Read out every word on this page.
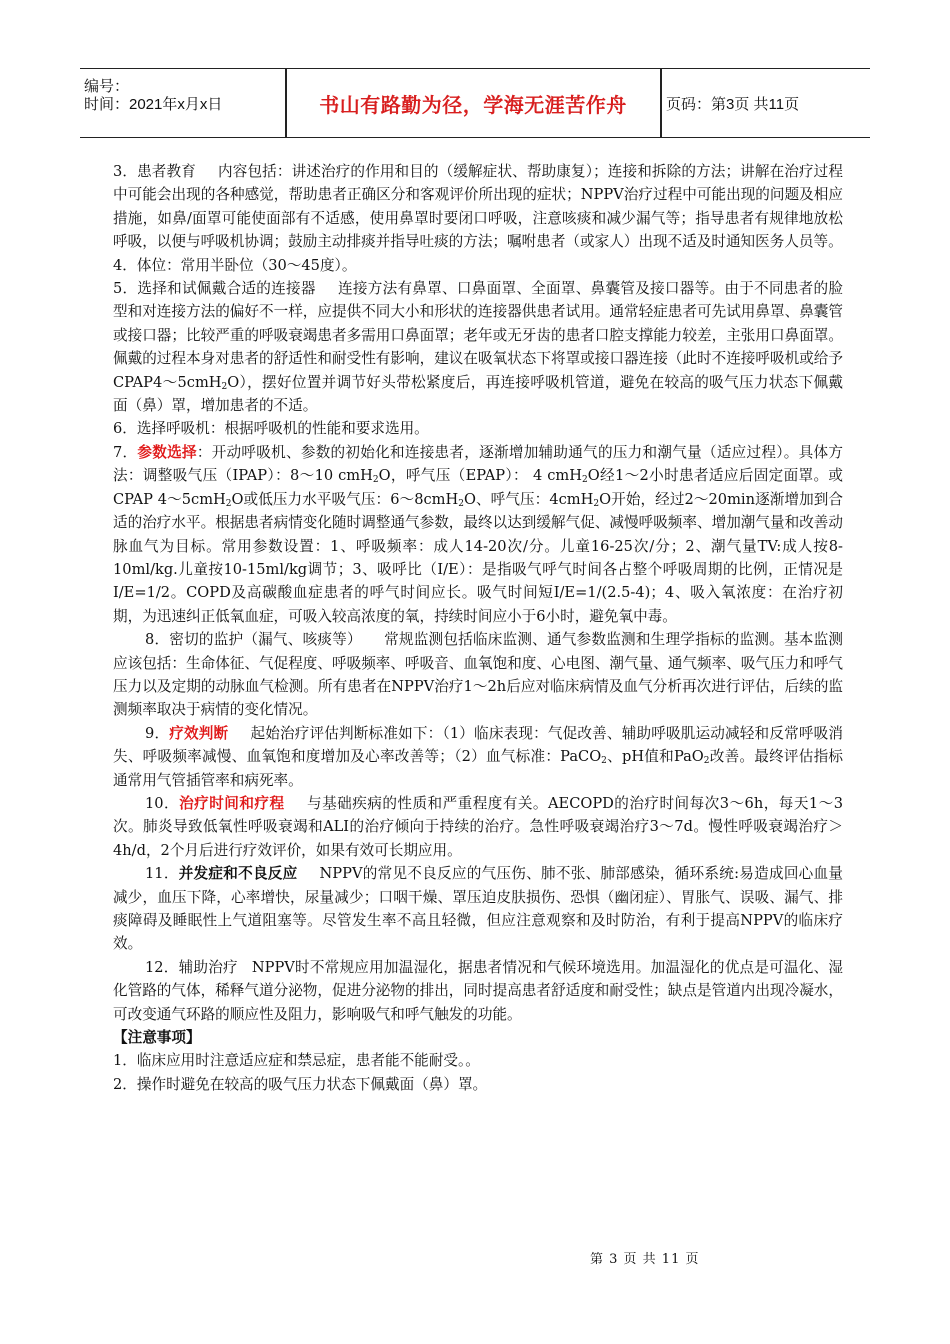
编号：
时间：2021年x月x日	书山有路勤为径，学海无涯苦作舟	页码：第3页 共11页

3．患者教育 内容包括：讲述治疗的作用和目的（缓解症状、帮助康复）；连接和拆除的方法；讲解在治疗过程中可能会出现的各种感觉，帮助患者正确区分和客观评价所出现的症状；NPPV治疗过程中可能出现的问题及相应措施，如鼻/面罩可能使面部有不适感，使用鼻罩时要闭口呼吸，注意咳痰和减少漏气等；指导患者有规律地放松呼吸，以便与呼吸机协调；鼓励主动排痰并指导吐痰的方法；嘱咐患者（或家人）出现不适及时通知医务人员等。

4．体位：常用半卧位（30～45度）。

5．选择和试佩戴合适的连接器 连接方法有鼻罩、口鼻面罩、全面罩、鼻囊管及接口器等。由于不同患者的脸型和对连接方法的偏好不一样，应提供不同大小和形状的连接器供患者试用。通常轻症患者可先试用鼻罩、鼻囊管或接口器；比较严重的呼吸衰竭患者多需用口鼻面罩；老年或无牙齿的患者口腔支撑能力较差，主张用口鼻面罩。佩戴的过程本身对患者的舒适性和耐受性有影响，建议在吸氧状态下将罩或接口器连接（此时不连接呼吸机或给予CPAP4～5cmH$_2$O），摆好位置并调节好头带松紧度后，再连接呼吸机管道，避免在较高的吸气压力状态下佩戴面（鼻）罩，增加患者的不适。

6．选择呼吸机：根据呼吸机的性能和要求选用。

7．参数选择：开动呼吸机、参数的初始化和连接患者，逐渐增加辅助通气的压力和潮气量（适应过程）。具体方法：调整吸气压（IPAP）：8～10 cmH$_2$O，呼气压（EPAP）： 4 cmH$_2$O经1～2小时患者适应后固定面罩。或CPAP 4～5cmH$_2$O或低压力水平吸气压：6～8cmH$_2$O、呼气压：4cmH$_2$O开始，经过2～20min逐渐增加到合适的治疗水平。根据患者病情变化随时调整通气参数，最终以达到缓解气促、减慢呼吸频率、增加潮气量和改善动脉血气为目标。常用参数设置：1、呼吸频率：成人14-20次/分。儿童16-25次/分；2、潮气量TV:成人按8-10ml/kg.儿童按10-15ml/kg调节；3、吸呼比（I/E）：是指吸气呼气时间各占整个呼吸周期的比例，正情况是I/E=1/2。COPD及高碳酸血症患者的呼气时间应长。吸气时间短I/E=1/(2.5-4)；4、吸入氧浓度：在治疗初期，为迅速纠正低氧血症，可吸入较高浓度的氧，持续时间应小于6小时，避免氧中毒。

8．密切的监护（漏气、咳痰等） 常规监测包括临床监测、通气参数监测和生理学指标的监测。基本监测应该包括：生命体征、气促程度、呼吸频率、呼吸音、血氧饱和度、心电图、潮气量、通气频率、吸气压力和呼气压力以及定期的动脉血气检测。所有患者在NPPV治疗1～2h后应对临床病情及血气分析再次进行评估，后续的监测频率取决于病情的变化情况。

9．疗效判断 起始治疗评估判断标准如下：（1）临床表现：气促改善、辅助呼吸肌运动减轻和反常呼吸消失、呼吸频率减慢、血氧饱和度增加及心率改善等；（2）血气标准：PaCO$_2$、pH值和PaO$_2$改善。最终评估指标通常用气管插管率和病死率。

10．治疗时间和疗程 与基础疾病的性质和严重程度有关。AECOPD的治疗时间每次3～6h，每天1～3次。肺炎导致低氧性呼吸衰竭和ALI的治疗倾向于持续的治疗。急性呼吸衰竭治疗3～7d。慢性呼吸衰竭治疗＞4h/d，2个月后进行疗效评价，如果有效可长期应用。

11．并发症和不良反应 NPPV的常见不良反应的气压伤、肺不张、肺部感染，循环系统:易造成回心血量减少，血压下降，心率增快，尿量减少；口咽干燥、罩压迫皮肤损伤、恐惧（幽闭症）、胃胀气、误吸、漏气、排痰障碍及睡眠性上气道阻塞等。尽管发生率不高且轻微，但应注意观察和及时防治，有利于提高NPPV的临床疗效。

12．辅助治疗 NPPV时不常规应用加温湿化，据患者情况和气候环境选用。加温湿化的优点是可温化、湿化管路的气体，稀释气道分泌物，促进分泌物的排出，同时提高患者舒适度和耐受性；缺点是管道内出现冷凝水，可改变通气环路的顺应性及阻力，影响吸气和呼气触发的功能。

【注意事项】

1．临床应用时注意适应症和禁忌症，患者能不能耐受。。

2．操作时避免在较高的吸气压力状态下佩戴面（鼻）罩。

第 3 页 共 11 页
